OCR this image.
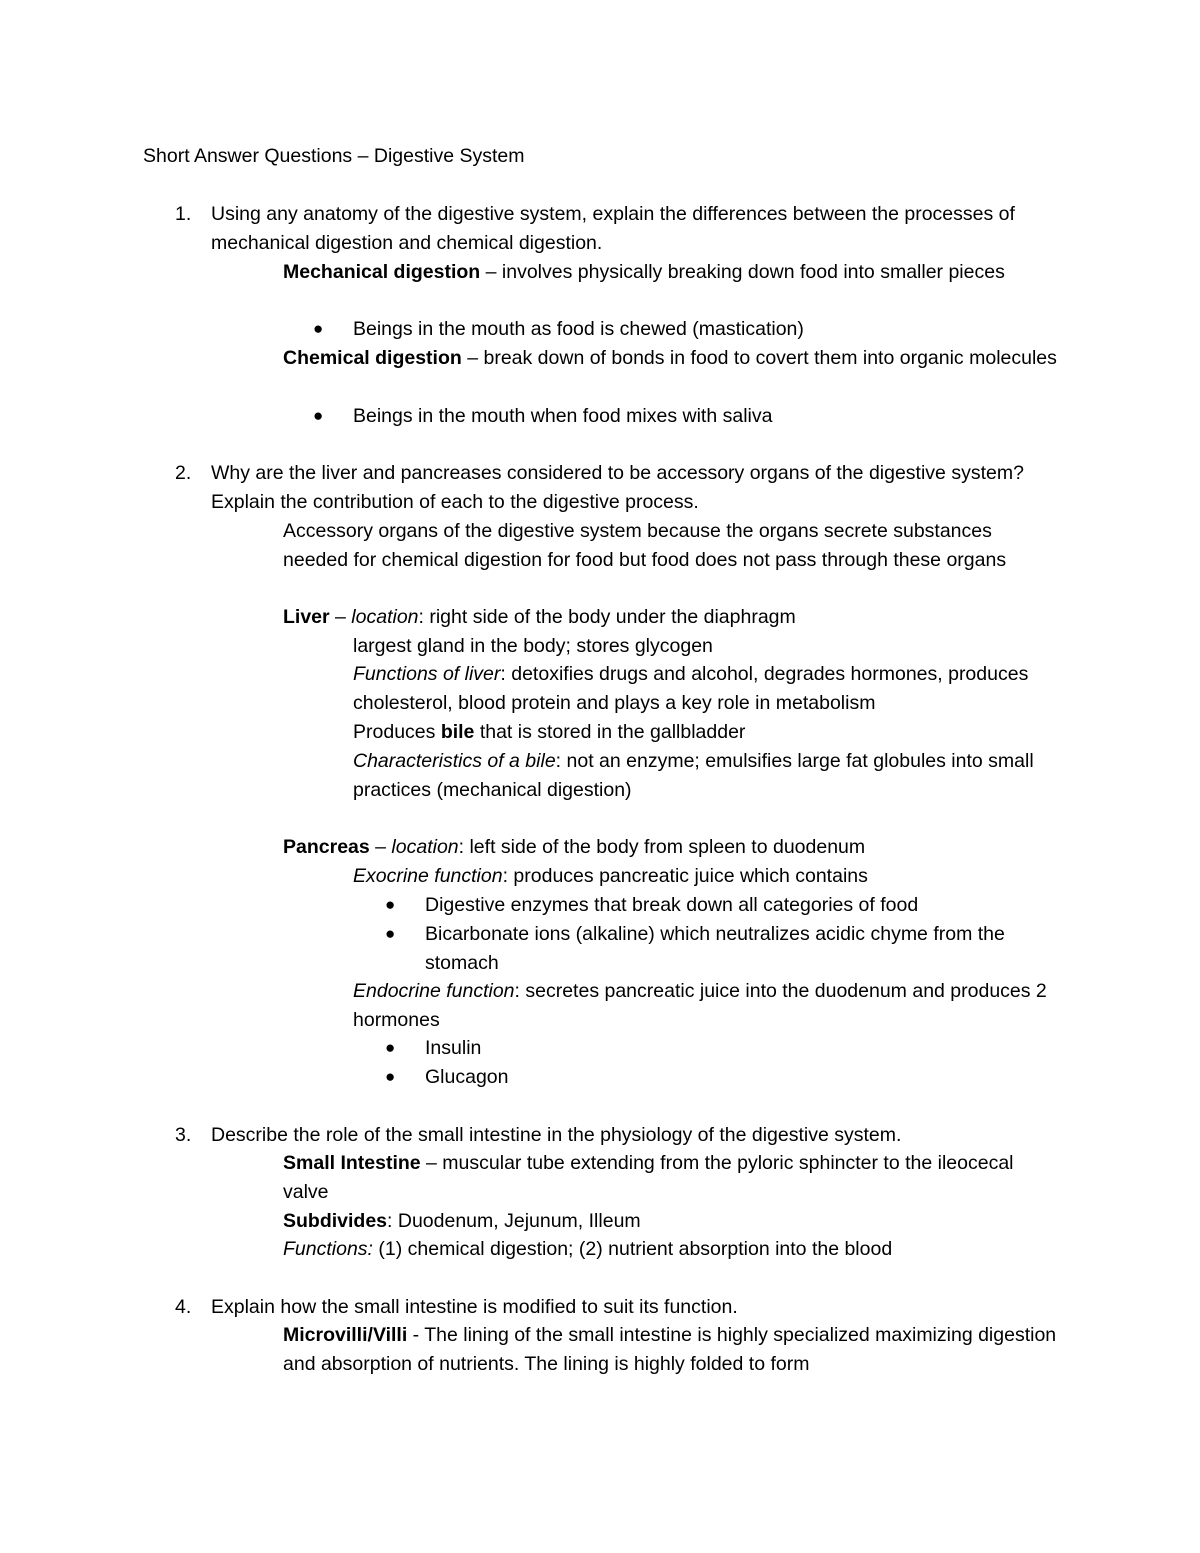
Short Answer Questions – Digestive System
1. Using any anatomy of the digestive system, explain the differences between the processes of mechanical digestion and chemical digestion.
Mechanical digestion – involves physically breaking down food into smaller pieces
● Beings in the mouth as food is chewed (mastication)
Chemical digestion – break down of bonds in food to covert them into organic molecules
● Beings in the mouth when food mixes with saliva
2. Why are the liver and pancreases considered to be accessory organs of the digestive system? Explain the contribution of each to the digestive process.
Accessory organs of the digestive system because the organs secrete substances needed for chemical digestion for food but food does not pass through these organs
Liver – location: right side of the body under the diaphragm
largest gland in the body; stores glycogen
Functions of liver: detoxifies drugs and alcohol, degrades hormones, produces cholesterol, blood protein and plays a key role in metabolism
Produces bile that is stored in the gallbladder
Characteristics of a bile: not an enzyme; emulsifies large fat globules into small practices (mechanical digestion)
Pancreas – location: left side of the body from spleen to duodenum
Exocrine function: produces pancreatic juice which contains
● Digestive enzymes that break down all categories of food
● Bicarbonate ions (alkaline) which neutralizes acidic chyme from the stomach
Endocrine function: secretes pancreatic juice into the duodenum and produces 2 hormones
● Insulin
● Glucagon
3. Describe the role of the small intestine in the physiology of the digestive system.
Small Intestine – muscular tube extending from the pyloric sphincter to the ileocecal valve
Subdivides: Duodenum, Jejunum, Illeum
Functions: (1) chemical digestion; (2) nutrient absorption into the blood
4. Explain how the small intestine is modified to suit its function.
Microvilli/Villi - The lining of the small intestine is highly specialized maximizing digestion and absorption of nutrients. The lining is highly folded to form
